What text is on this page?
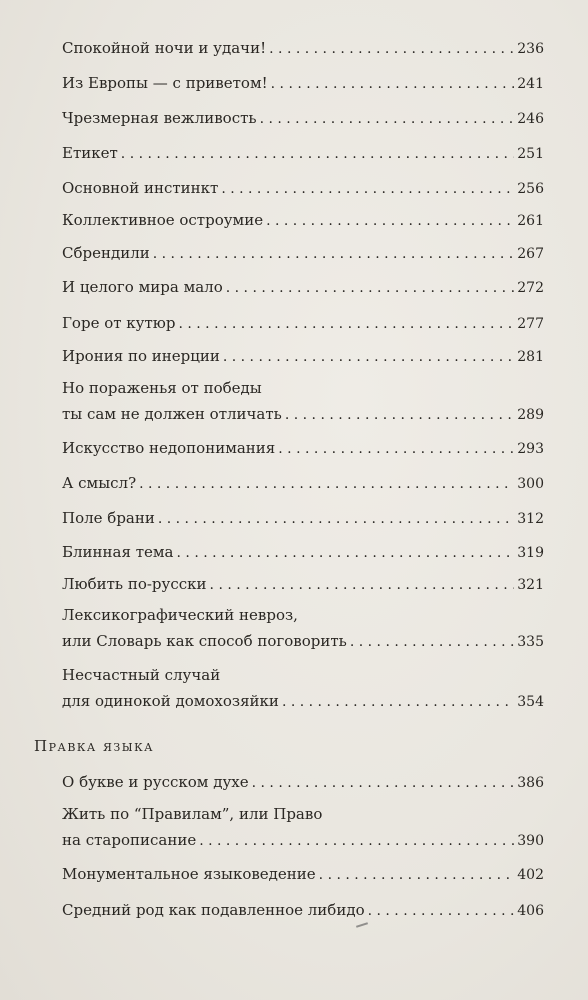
Спокойной ночи и удачи! . . .	236
Из Европы — с приветом! . . .	241
Чрезмерная вежливость . . .	246
Етикет . . .	251
Основной инстинкт . . .	256
Коллективное остроумие . . .	261
Сбрендили . . .	267
И целого мира мало . . .	272
Горе от кутюр . . .	277
Ирония по инерции . . .	281
Но пораженья от победы
ты сам не должен отличать . . .	289
Искусство недопонимания . . .	293
А смысл? . . .	300
Поле брани . . .	312
Блинная тема . . .	319
Любить по-русски . . .	321
Лексикографический невроз,
или Словарь как способ поговорить . . .	335
Несчастный случай
для одинокой домохозяйки . . .	354
Правка языка
О букве и русском духе . . .	386
Жить по “Правилам”, или Право
на старописание . . .	390
Монументальное языковедение . . .	402
Средний род как подавленное либидо . . .	406
